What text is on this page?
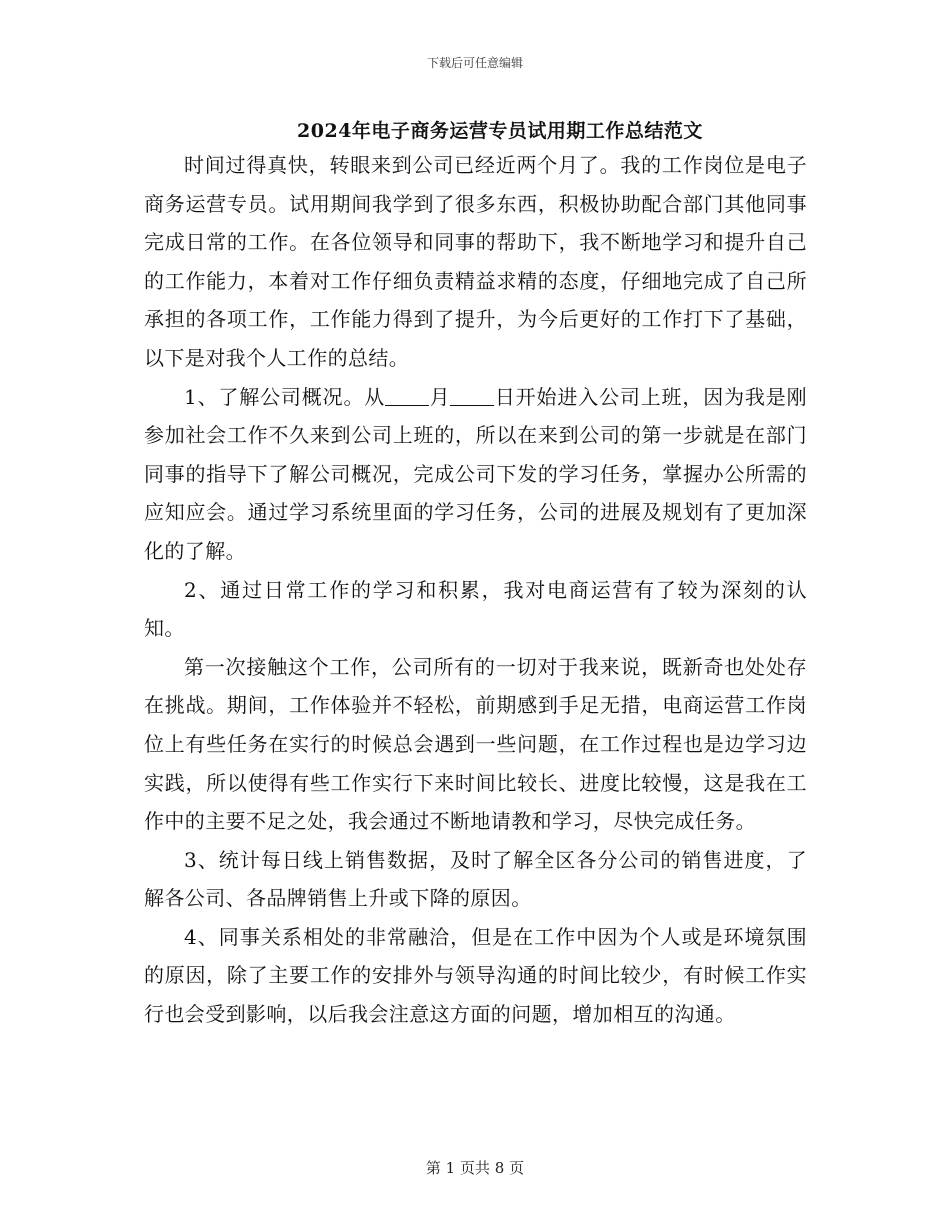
下载后可任意编辑
2024年电子商务运营专员试用期工作总结范文

时间过得真快，转眼来到公司已经近两个月了。我的工作岗位是电子商务运营专员。试用期间我学到了很多东西，积极协助配合部门其他同事完成日常的工作。在各位领导和同事的帮助下，我不断地学习和提升自己的工作能力，本着对工作仔细负责精益求精的态度，仔细地完成了自己所承担的各项工作，工作能力得到了提升，为今后更好的工作打下了基础，以下是对我个人工作的总结。

1、了解公司概况。从 月 日开始进入公司上班，因为我是刚参加社会工作不久来到公司上班的，所以在来到公司的第一步就是在部门同事的指导下了解公司概况，完成公司下发的学习任务，掌握办公所需的应知应会。通过学习系统里面的学习任务，公司的进展及规划有了更加深化的了解。

2、通过日常工作的学习和积累，我对电商运营有了较为深刻的认知。

第一次接触这个工作，公司所有的一切对于我来说，既新奇也处处存在挑战。期间，工作体验并不轻松，前期感到手足无措，电商运营工作岗位上有些任务在实行的时候总会遇到一些问题，在工作过程也是边学习边实践，所以使得有些工作实行下来时间比较长、进度比较慢，这是我在工作中的主要不足之处，我会通过不断地请教和学习，尽快完成任务。

3、统计每日线上销售数据，及时了解全区各分公司的销售进度，了解各公司、各品牌销售上升或下降的原因。

4、同事关系相处的非常融洽，但是在工作中因为个人或是环境氛围的原因，除了主要工作的安排外与领导沟通的时间比较少，有时候工作实行也会受到影响，以后我会注意这方面的问题，增加相互的沟通。

第 1 页共 8 页
